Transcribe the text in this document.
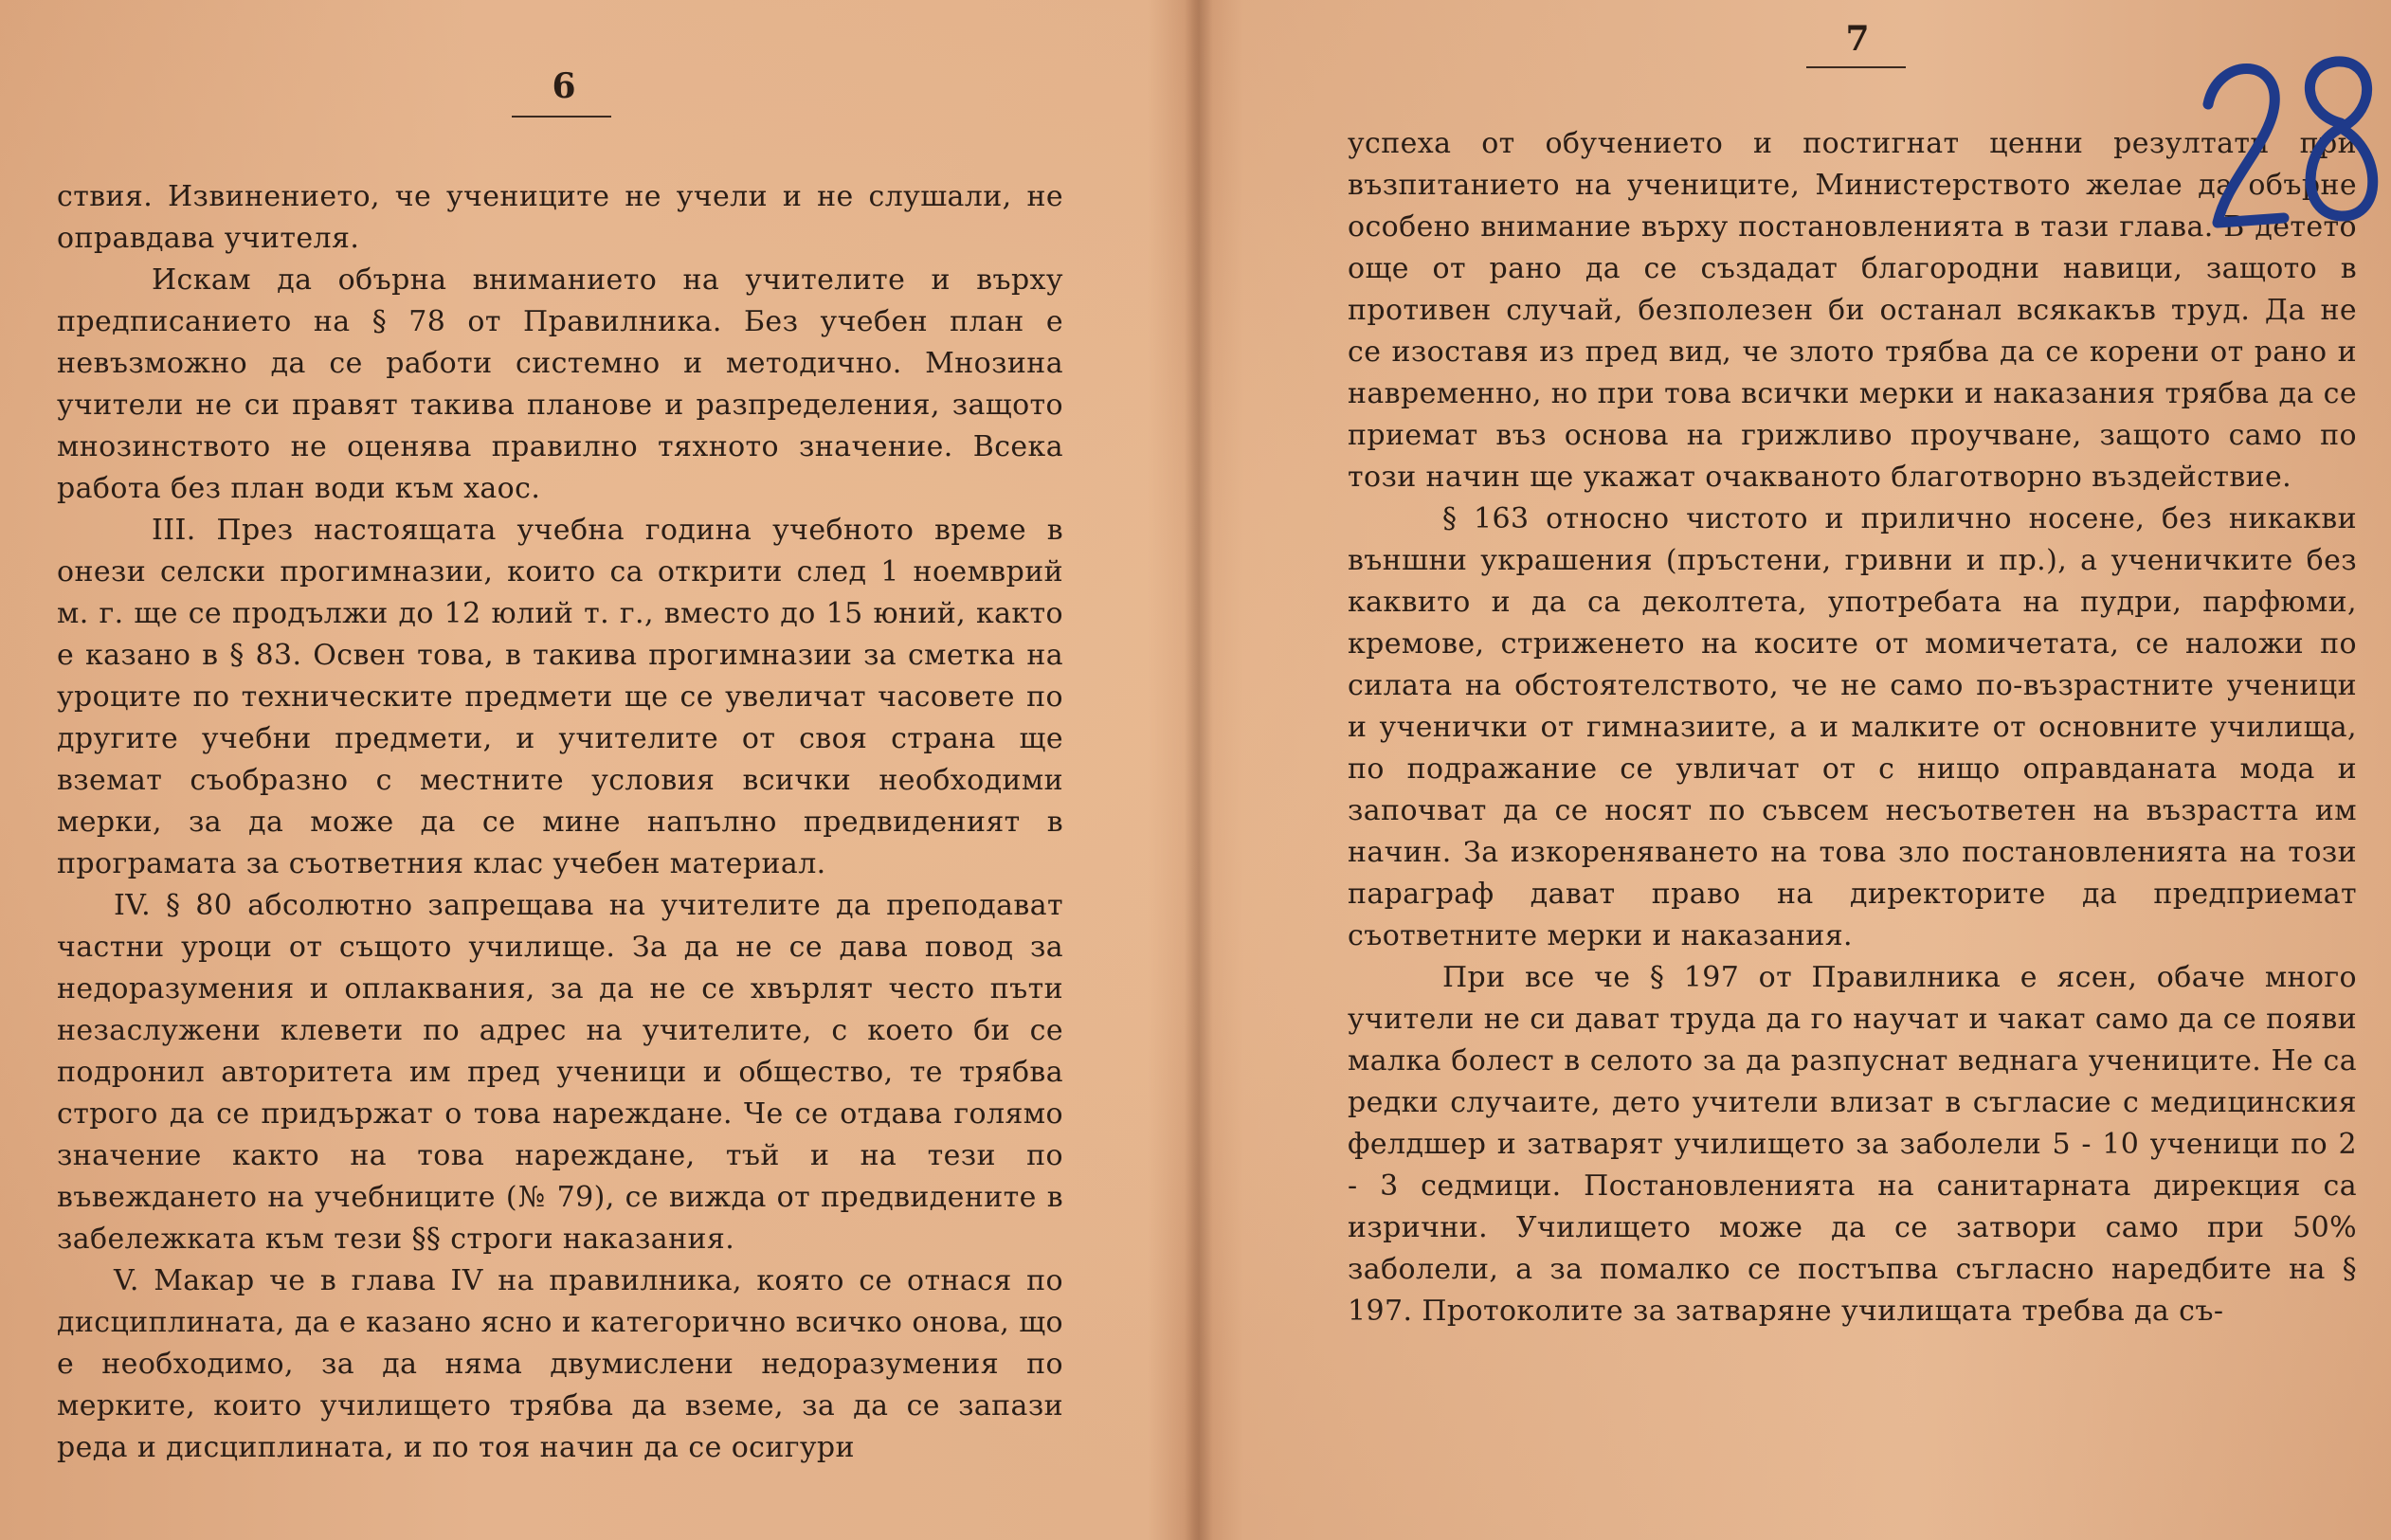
6

ствия. Извинението, че учениците не учели и не слушали, не оправдава учителя.

Искам да обърна вниманието на учителите и върху предписанието на § 78 от Правилника. Без учебен план е невъзможно да се работи системно и методично. Мнозина учители не си правят такива планове и разпределения, защото мнозинството не оценява правилно тяхното значение. Всека работа без план води към хаос.

III. През настоящата учебна година учебното време в онези селски прогимназии, които са открити след 1 ноемврий м. г. ще се продължи до 12 юлий т. г., вместо до 15 юний, както е казано в § 83. Освен това, в такива прогимназии за сметка на уроците по техническите предмети ще се увеличат часовете по другите учебни предмети, и учителите от своя страна ще вземат съобразно с местните условия всички необходими мерки, за да може да се мине напълно предвиденият в програмата за съответния клас учебен материал.

IV. § 80 абсолютно запрещава на учителите да преподават частни уроци от същото училище. За да не се дава повод за недоразумения и оплаквания, за да не се хвърлят често пъти незаслужени клевети по адрес на учителите, с което би се подронил авторитета им пред ученици и общество, те трябва строго да се придържат о това нареждане. Че се отдава голямо значение както на това нареждане, тъй и на тези по въвеждането на учебниците (№ 79), се вижда от предвидените в забележката към тези §§ строги наказания.

V. Макар че в глава IV на правилника, която се отнася по дисциплината, да е казано ясно и категорично всичко онова, що е необходимо, за да няма двумислени недоразумения по мерките, които училището трябва да вземе, за да се запази реда и дисциплината, и по тоя начин да се осигури

7

успеха от обучението и постигнат ценни резултати при възпитанието на учениците, Министерството желае да обърне особено внимание върху постановленията в тази глава. В детето още от рано да се създадат благородни навици, защото в противен случай, безполезен би останал всякакъв труд. Да не се изоставя из пред вид, че злото трябва да се корени от рано и навременно, но при това всички мерки и наказания трябва да се приемат въз основа на грижливо проучване, защото само по този начин ще укажат очакваното благотворно въздействие.

§ 163 относно чистото и прилично носене, без никакви външни украшения (пръстени, гривни и пр.), а ученичките без каквито и да са деколтета, употребата на пудри, парфюми, кремове, стриженето на косите от момичетата, се наложи по силата на обстоятелството, че не само по-възрастните ученици и ученички от гимназиите, а и малките от основните училища, по подражание се увличат от с нищо оправданата мода и започват да се носят по съвсем несъответен на възрастта им начин. За изкореняването на това зло постановленията на този параграф дават право на директорите да предприемат съответните мерки и наказания.

При все че § 197 от Правилника е ясен, обаче много учители не си дават труда да го научат и чакат само да се появи малка болест в селото за да разпуснат веднага учениците. Не са редки случаите, дето учители влизат в съгласие с медицинския фелдшер и затварят училището за заболели 5 - 10 ученици по 2 - 3 седмици. Постановленията на санитарната дирекция са изрични. Училището може да се затвори само при 50% заболели, а за помалко се постъпва съгласно наредбите на § 197. Протоколите за затваряне училищата требва да съ-
